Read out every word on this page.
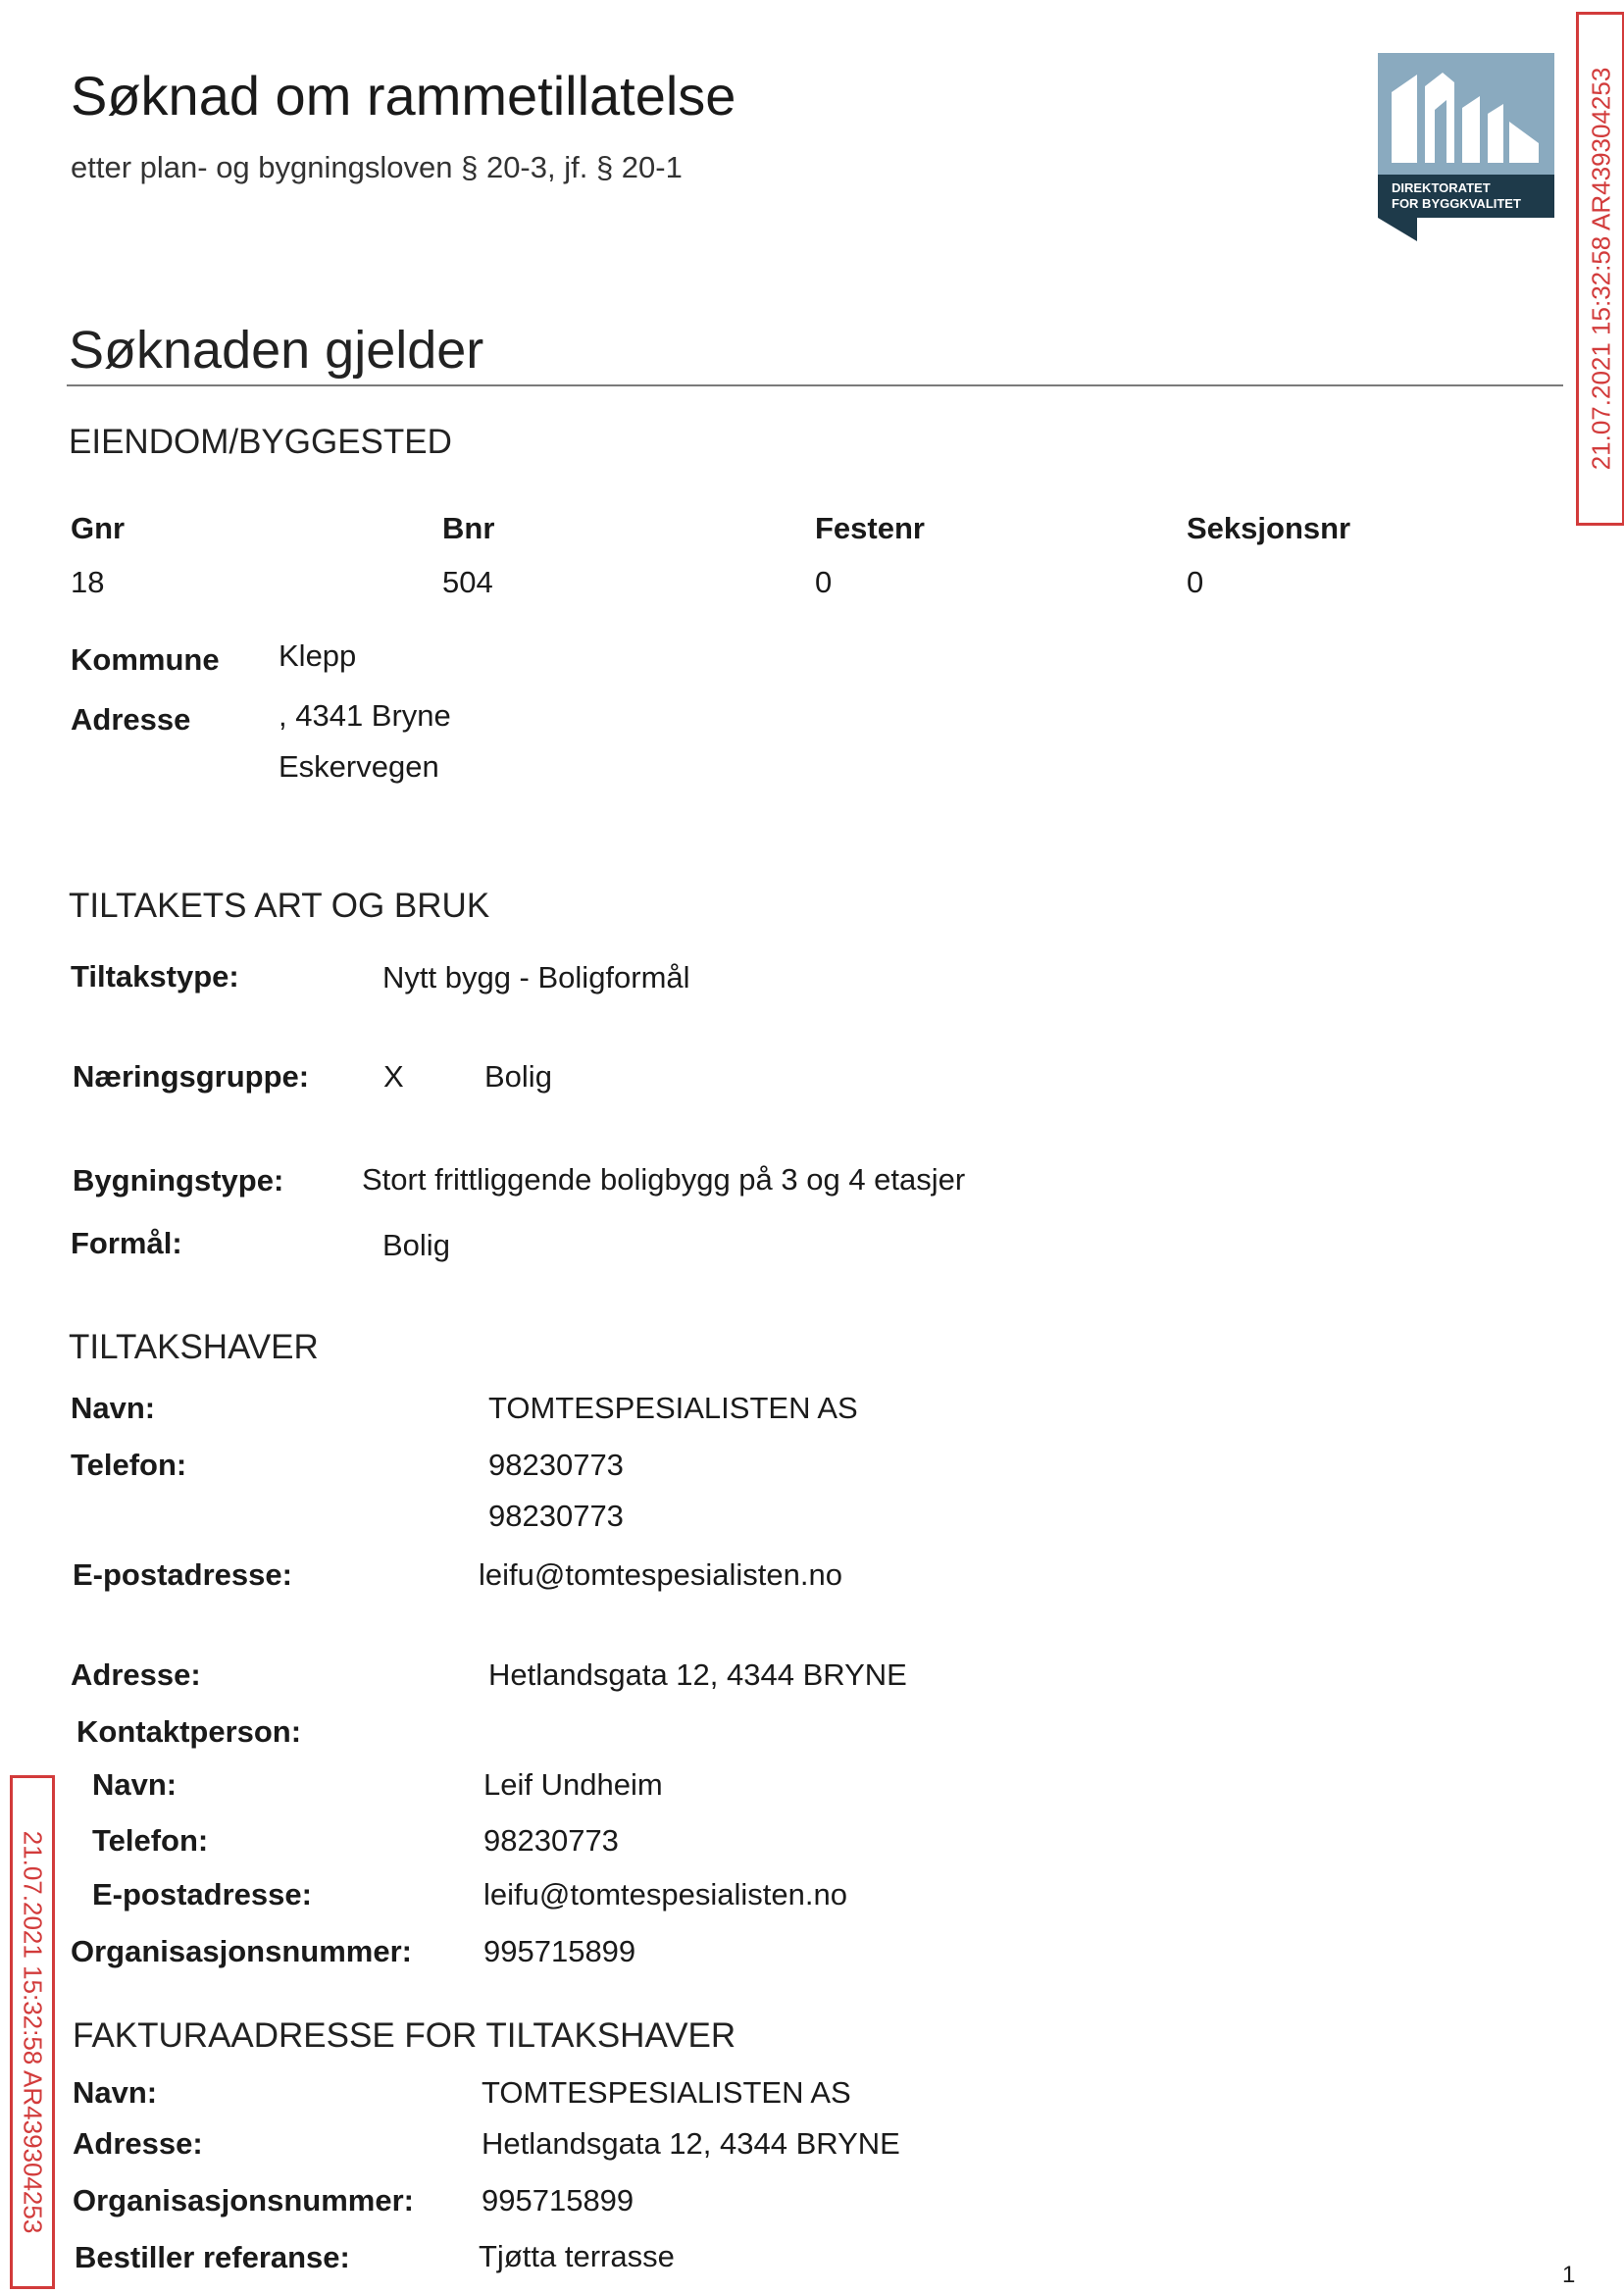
Søknad om rammetillatelse
etter plan- og bygningsloven § 20-3, jf. § 20-1
DIREKTORATET
FOR BYGGKVALITET	21.07.2021 15:32:58 AR439304253
Søknaden gjelder
EIENDOM/BYGGESTED
Gnr	Bnr	Festenr	Seksjonsnr
18	504	0	0
Kommune Klepp
Adresse	, 4341 Bryne
Eskervegen
TILTAKETS ART OG BRUK
Tiltakstype:	Nytt bygg - Boligformål
Næringsgruppe: X	Bolig
Bygningstype:	Stort frittliggende boligbygg på 3 og 4 etasjer
Formål:	Bolig
TILTAKSHAVER
Navn:	TOMTESPESIALISTEN AS
Telefon:	98230773
98230773
E-postadresse:	leifu@tomtespesialisten.no
Adresse:	Hetlandsgata 12, 4344 BRYNE
Kontaktperson:
Navn:	Leif Undheim
Telefon:	98230773
E-postadresse:	leifu@tomtespesialisten.no
Organisasjonsnummer: 995715899
21.07.2021 15:32:58 AR439304253 FAKTURAADRESSE FOR TILTAKSHAVER
Navn:	TOMTESPESIALISTEN AS
Adresse:	Hetlandsgata 12, 4344 BRYNE
Organisasjonsnummer: 995715899
Bestiller referanse:	Tjøtta terrasse
1
